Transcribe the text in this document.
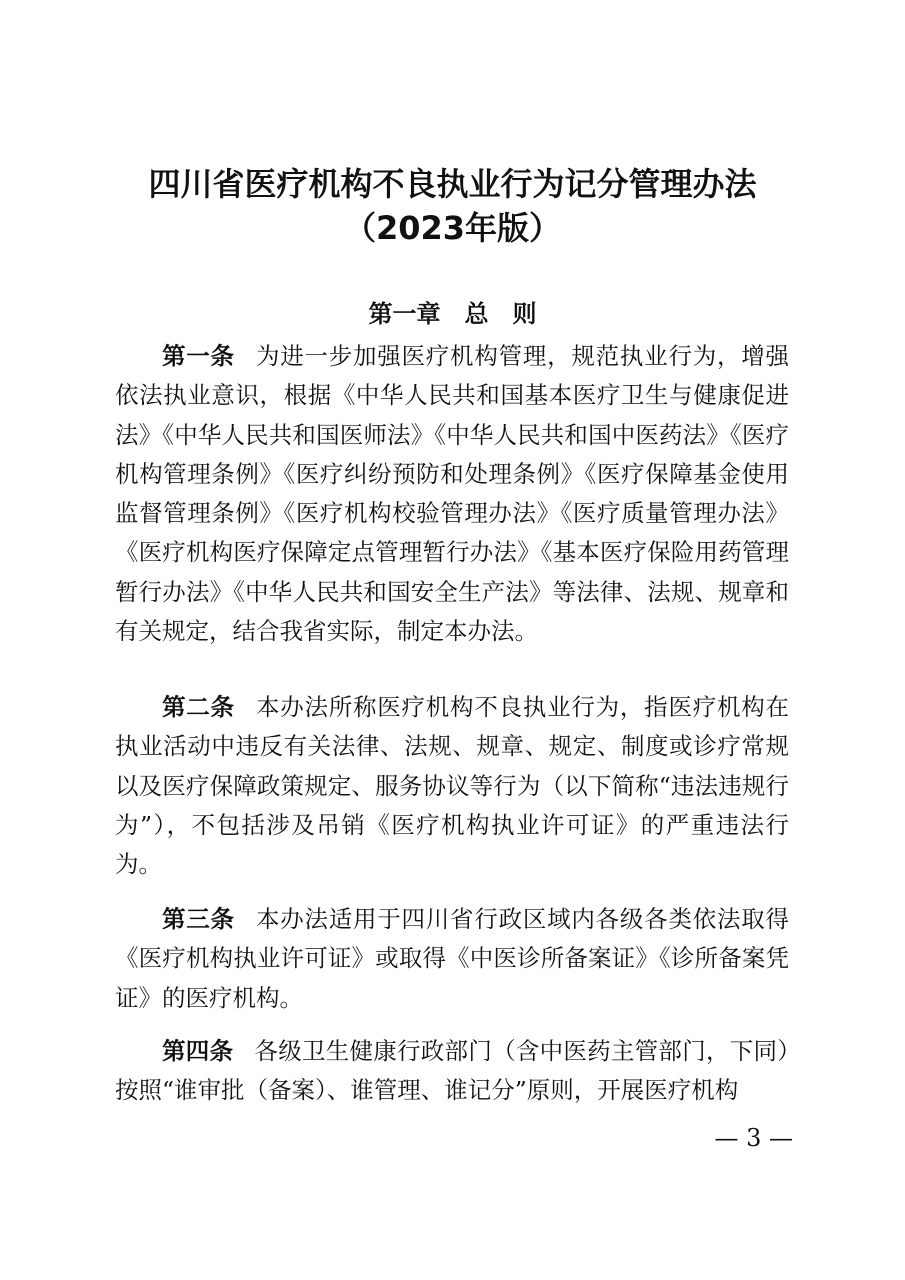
四川省医疗机构不良执业行为记分管理办法
（2023年版）
第一章　总　则

第一条 为进一步加强医疗机构管理，规范执业行为，增强依法执业意识，根据《中华人民共和国基本医疗卫生与健康促进法》《中华人民共和国医师法》《中华人民共和国中医药法》《医疗机构管理条例》《医疗纠纷预防和处理条例》《医疗保障基金使用监督管理条例》《医疗机构校验管理办法》《医疗质量管理办法》《医疗机构医疗保障定点管理暂行办法》《基本医疗保险用药管理暂行办法》《中华人民共和国安全生产法》等法律、法规、规章和有关规定，结合我省实际，制定本办法。

第二条 本办法所称医疗机构不良执业行为，指医疗机构在执业活动中违反有关法律、法规、规章、规定、制度或诊疗常规以及医疗保障政策规定、服务协议等行为（以下简称“违法违规行为”），不包括涉及吊销《医疗机构执业许可证》的严重违法行为。

第三条 本办法适用于四川省行政区域内各级各类依法取得《医疗机构执业许可证》或取得《中医诊所备案证》《诊所备案凭证》的医疗机构。

第四条 各级卫生健康行政部门（含中医药主管部门，下同）按照“谁审批（备案）、谁管理、谁记分”原则，开展医疗机构

— 3 —
